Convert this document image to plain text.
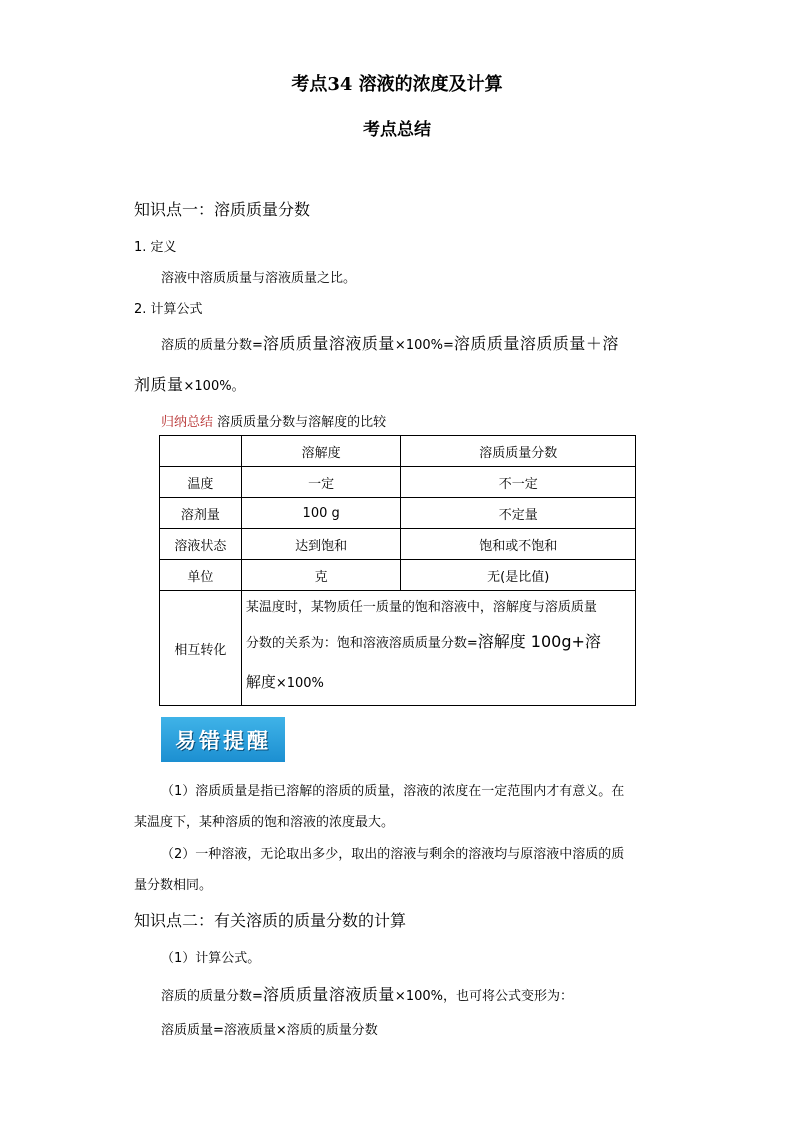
考点34 溶液的浓度及计算
考点总结
知识点一：溶质质量分数
1. 定义
溶液中溶质质量与溶液质量之比。
2. 计算公式
溶质的质量分数=溶质质量溶液质量×100%=溶质质量溶质质量＋溶
剂质量×100%。
归纳总结 溶质质量分数与溶解度的比较
	溶解度	溶质质量分数
温度	一定	不一定
溶剂量	100 g	不定量
溶液状态	达到饱和	饱和或不饱和
单位	克	无(是比值)
相互转化	某温度时，某物质任一质量的饱和溶液中，溶解度与溶质质量
分数的关系为：饱和溶液溶质质量分数=溶解度 100g+溶
解度×100%	
易错提醒
（1）溶质质量是指已溶解的溶质的质量，溶液的浓度在一定范围内才有意义。在
某温度下，某种溶质的饱和溶液的浓度最大。
（2）一种溶液，无论取出多少，取出的溶液与剩余的溶液均与原溶液中溶质的质
量分数相同。
知识点二：有关溶质的质量分数的计算
（1）计算公式。
溶质的质量分数=溶质质量溶液质量×100%，也可将公式变形为：
溶质质量=溶液质量×溶质的质量分数
